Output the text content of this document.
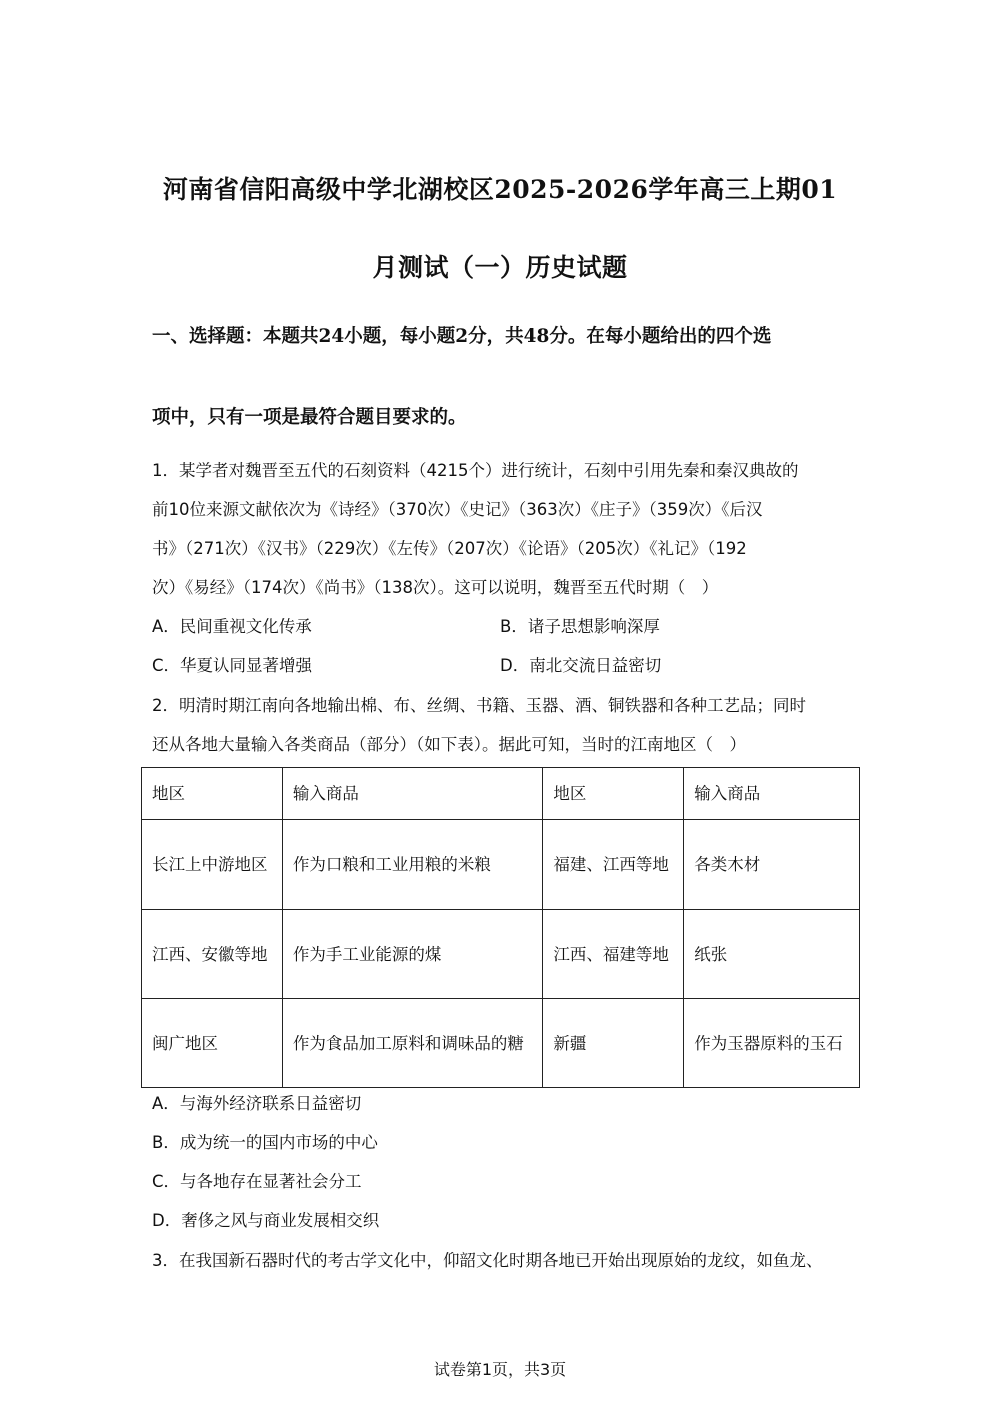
河南省信阳高级中学北湖校区2025-2026学年高三上期01
月测试（一）历史试题

一、选择题：本题共24小题，每小题2分，共48分。在每小题给出的四个选

项中，只有一项是最符合题目要求的。

1．某学者对魏晋至五代的石刻资料（4215个）进行统计，石刻中引用先秦和秦汉典故的

前10位来源文献依次为《诗经》（370次）《史记》（363次）《庄子》（359次）《后汉

书》（271次）《汉书》（229次）《左传》（207次）《论语》（205次）《礼记》（192

次）《易经》（174次）《尚书》（138次）。这可以说明，魏晋至五代时期（　）

A．民间重视文化传承	B．诸子思想影响深厚

C．华夏认同显著增强	D．南北交流日益密切

2．明清时期江南向各地输出棉、布、丝绸、书籍、玉器、酒、铜铁器和各种工艺品；同时

还从各地大量输入各类商品（部分）（如下表）。据此可知，当时的江南地区（　）

地区	输入商品	地区	输入商品
长江上中游地区	作为口粮和工业用粮的米粮	福建、江西等地	各类木材
江西、安徽等地	作为手工业能源的煤	江西、福建等地	纸张
闽广地区	作为食品加工原料和调味品的糖	新疆	作为玉器原料的玉石

A．与海外经济联系日益密切

B．成为统一的国内市场的中心

C．与各地存在显著社会分工

D．奢侈之风与商业发展相交织

3．在我国新石器时代的考古学文化中，仰韶文化时期各地已开始出现原始的龙纹，如鱼龙、

试卷第1页，共3页
